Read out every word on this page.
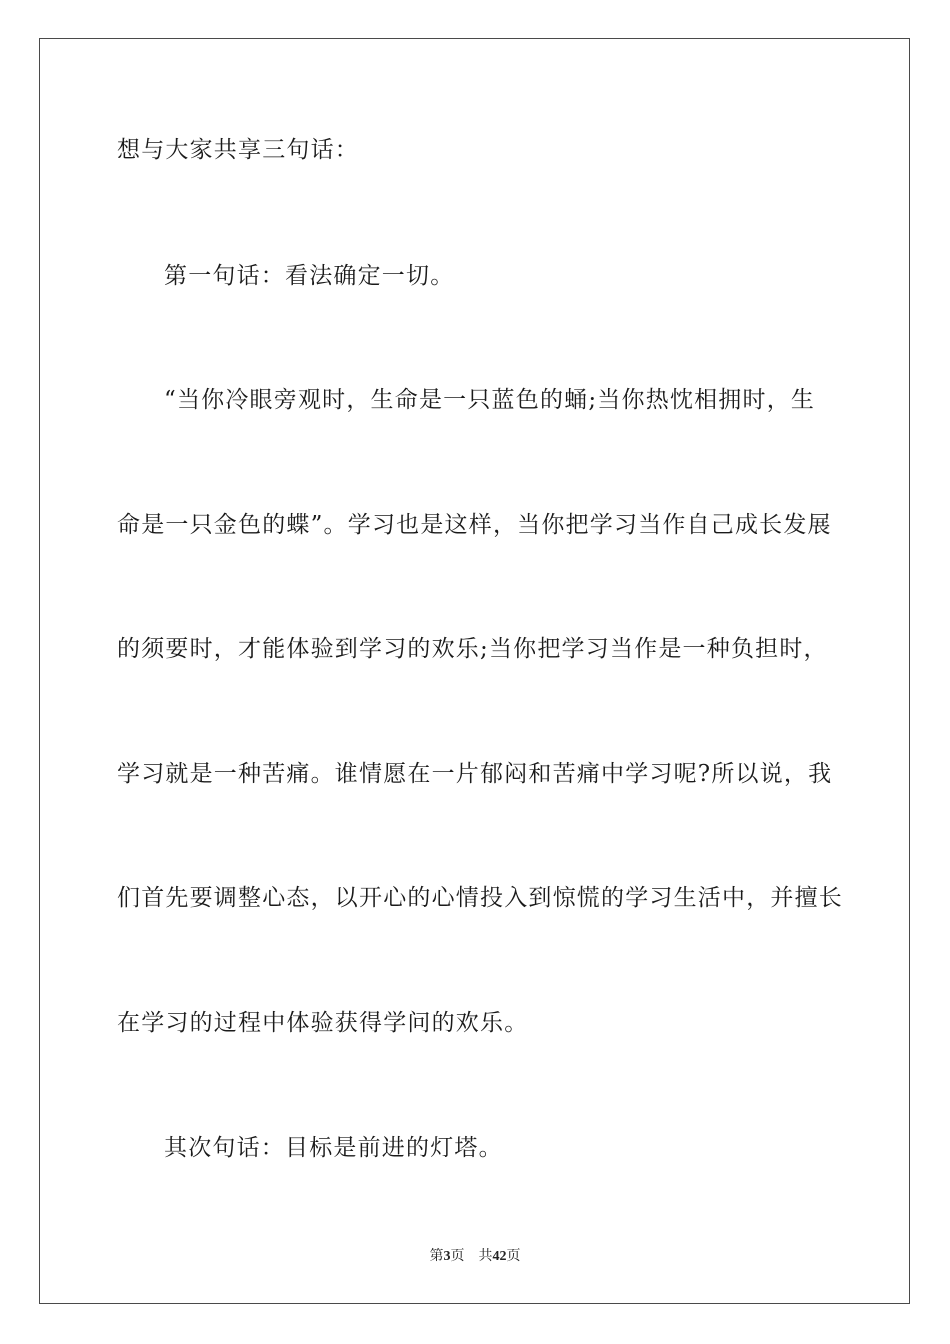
想与大家共享三句话：
第一句话：看法确定一切。
“当你冷眼旁观时，生命是一只蓝色的蛹;当你热忱相拥时，生
命是一只金色的蝶”。学习也是这样，当你把学习当作自己成长发展
的须要时，才能体验到学习的欢乐;当你把学习当作是一种负担时，
学习就是一种苦痛。谁情愿在一片郁闷和苦痛中学习呢?所以说，我
们首先要调整心态，以开心的心情投入到惊慌的学习生活中，并擅长
在学习的过程中体验获得学问的欢乐。
其次句话：目标是前进的灯塔。
第3页 共42页
